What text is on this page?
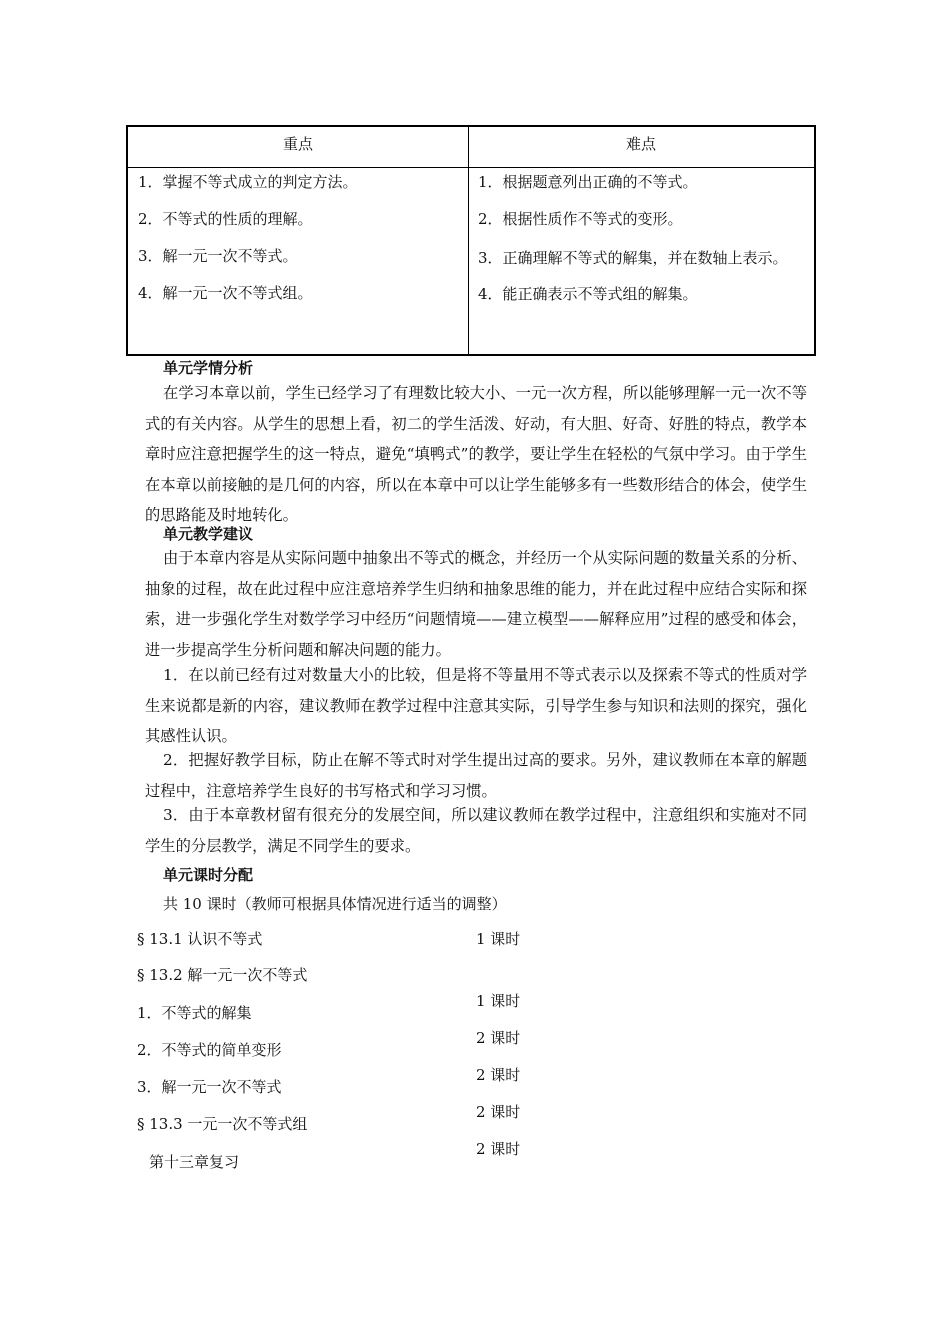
重点	难点
1．掌握不等式成立的判定方法。
2．不等式的性质的理解。
3．解一元一次不等式。
4．解一元一次不等式组。
1．根据题意列出正确的不等式。
2．根据性质作不等式的变形。
3．正确理解不等式的解集，并在数轴上表示。
4．能正确表示不等式组的解集。
单元学情分析
在学习本章以前，学生已经学习了有理数比较大小、一元一次方程，所以能够理解一元一次不等式的有关内容。从学生的思想上看，初二的学生活泼、好动，有大胆、好奇、好胜的特点，教学本章时应注意把握学生的这一特点，避免“填鸭式”的教学，要让学生在轻松的气氛中学习。由于学生在本章以前接触的是几何的内容，所以在本章中可以让学生能够多有一些数形结合的体会，使学生的思路能及时地转化。
单元教学建议
由于本章内容是从实际问题中抽象出不等式的概念，并经历一个从实际问题的数量关系的分析、抽象的过程，故在此过程中应注意培养学生归纳和抽象思维的能力，并在此过程中应结合实际和探索，进一步强化学生对数学学习中经历“问题情境——建立模型——解释应用”过程的感受和体会，进一步提高学生分析问题和解决问题的能力。
1．在以前已经有过对数量大小的比较，但是将不等量用不等式表示以及探索不等式的性质对学生来说都是新的内容，建议教师在教学过程中注意其实际，引导学生参与知识和法则的探究，强化其感性认识。
2．把握好教学目标，防止在解不等式时对学生提出过高的要求。另外，建议教师在本章的解题过程中，注意培养学生良好的书写格式和学习习惯。
3．由于本章教材留有很充分的发展空间，所以建议教师在教学过程中，注意组织和实施对不同学生的分层教学，满足不同学生的要求。
单元课时分配
共 10 课时（教师可根据具体情况进行适当的调整）
§ 13.1 认识不等式
§ 13.2 解一元一次不等式
1．不等式的解集
2．不等式的简单变形
3．解一元一次不等式
§ 13.3 一元一次不等式组
第十三章复习
1 课时
1 课时
2 课时
2 课时
2 课时
2 课时
